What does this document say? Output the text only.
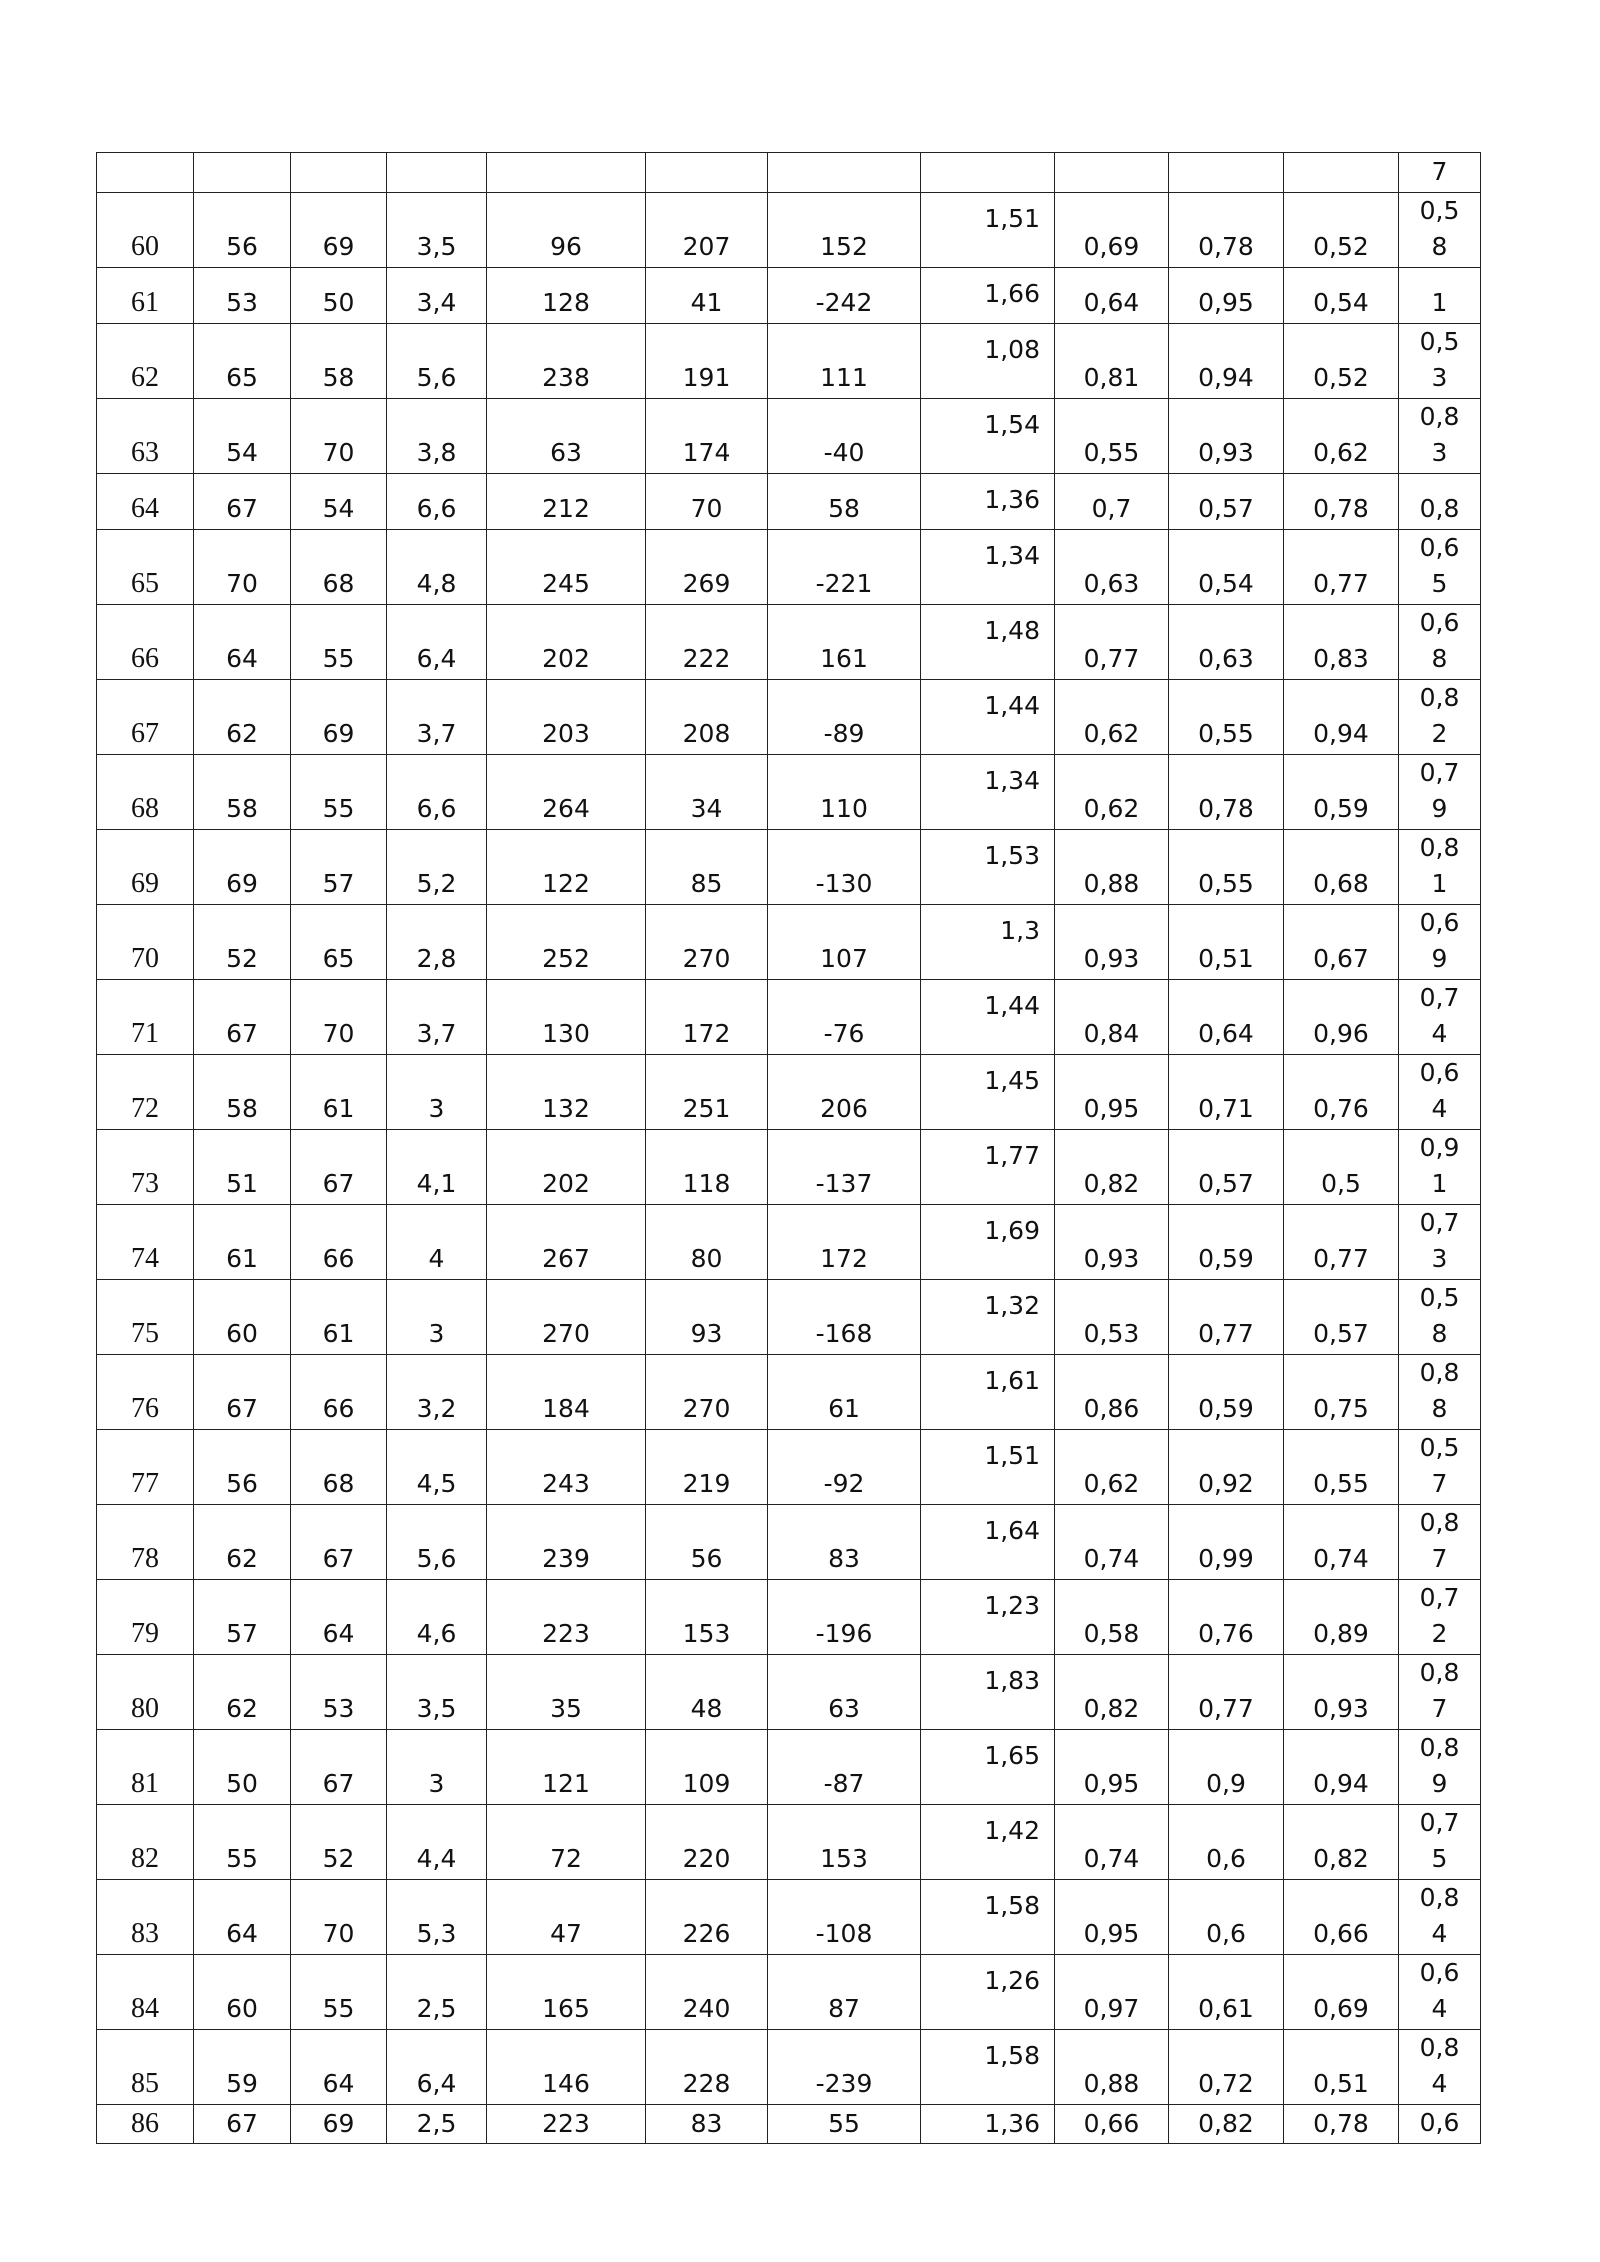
											7
60	56	69	3,5	96	207	152	1,51	0,69	0,78	0,52	0,5
8

61	53	50	3,4	128	41	-242	1,66	0,64	0,95	0,54	1

62	65	58	5,6	238	191	111	1,08	0,81	0,94	0,52	0,5
3

63	54	70	3,8	63	174	-40	1,54	0,55	0,93	0,62	0,8
3

64	67	54	6,6	212	70	58	1,36	0,7	0,57	0,78	0,8

65	70	68	4,8	245	269	-221	1,34	0,63	0,54	0,77	0,6
5

66	64	55	6,4	202	222	161	1,48	0,77	0,63	0,83	0,6
8

67	62	69	3,7	203	208	-89	1,44	0,62	0,55	0,94	0,8
2

68	58	55	6,6	264	34	110	1,34	0,62	0,78	0,59	0,7
9

69	69	57	5,2	122	85	-130	1,53	0,88	0,55	0,68	0,8
1

70	52	65	2,8	252	270	107	1,3	0,93	0,51	0,67	0,6
9

71	67	70	3,7	130	172	-76	1,44	0,84	0,64	0,96	0,7
4

72	58	61	3	132	251	206	1,45	0,95	0,71	0,76	0,6
4

73	51	67	4,1	202	118	-137	1,77	0,82	0,57	0,5	0,9
1

74	61	66	4	267	80	172	1,69	0,93	0,59	0,77	0,7
3

75	60	61	3	270	93	-168	1,32	0,53	0,77	0,57	0,5
8

76	67	66	3,2	184	270	61	1,61	0,86	0,59	0,75	0,8
8

77	56	68	4,5	243	219	-92	1,51	0,62	0,92	0,55	0,5
7

78	62	67	5,6	239	56	83	1,64	0,74	0,99	0,74	0,8
7

79	57	64	4,6	223	153	-196	1,23	0,58	0,76	0,89	0,7
2

80	62	53	3,5	35	48	63	1,83	0,82	0,77	0,93	0,8
7

81	50	67	3	121	109	-87	1,65	0,95	0,9	0,94	0,8
9

82	55	52	4,4	72	220	153	1,42	0,74	0,6	0,82	0,7
5

83	64	70	5,3	47	226	-108	1,58	0,95	0,6	0,66	0,8
4

84	60	55	2,5	165	240	87	1,26	0,97	0,61	0,69	0,6
4

85	59	64	6,4	146	228	-239	1,58	0,88	0,72	0,51	0,8
4

86	67	69	2,5	223	83	55	1,36	0,66	0,82	0,78	0,6
